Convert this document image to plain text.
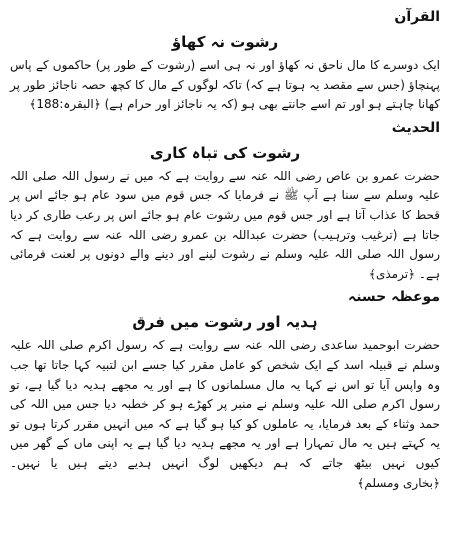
القرآن

رشوت نہ کھاؤ

ایک دوسرے کا مال ناحق نہ کھاؤ اور نہ ہی اسے (رشوت کے طور پر) حاکموں کے پاس پہنچاؤ (جس سے مقصد یہ ہوتا ہے کہ) تاکہ لوگوں کے مال کا کچھ حصہ ناجائز طور پر کھانا چاہتے ہو اور تم اسے جانتے بھی ہو (کہ یہ ناجائز اور حرام ہے) ﴿البقرہ:188﴾

الحدیث

رشوت کی تباہ کاری

حضرت عمرو بن عاص رضی اللہ عنہ سے روایت ہے کہ میں نے رسول اللہ صلی اللہ علیہ وسلم سے سنا ہے آپ ﷺ نے فرمایا کہ جس قوم میں سود عام ہو جائے اس پر قحط کا عذاب آتا ہے اور جس قوم میں رشوت عام ہو جائے اس پر رعب طاری کر دیا جاتا ہے (ترغیب وترہیب) حضرت عبداللہ بن عمرو رضی اللہ عنہ سے روایت ہے کہ رسول اللہ صلی اللہ علیہ وسلم نے رشوت لینے اور دینے والے دونوں پر لعنت فرمائی ہے۔ ﴿ترمذی﴾

موعظہ حسنہ

ہدیہ اور رشوت میں فرق

حضرت ابوحمید ساعدی رضی اللہ عنہ سے روایت ہے کہ رسول اکرم صلی اللہ علیہ وسلم نے قبیلہ اسد کے ایک شخص کو عامل مقرر کیا جسے ابن لتبیہ کہا جاتا تھا جب وہ واپس آیا تو اس نے کہا یہ مال مسلمانوں کا ہے اور یہ مجھے ہدیہ دیا گیا ہے، تو رسول اکرم صلی اللہ علیہ وسلم نے منبر پر کھڑے ہو کر خطبہ دیا جس میں اللہ کی حمد وثناء کے بعد فرمایا، یہ عاملوں کو کیا ہو گیا ہے کہ میں انہیں مقرر کرتا ہوں تو یہ کہتے ہیں یہ مال تمہارا ہے اور یہ مجھے ہدیہ دیا گیا ہے یہ اپنی ماں کے گھر میں کیوں نہیں بیٹھ جاتے کہ ہم دیکھیں لوگ انہیں ہدیے دیتے ہیں یا نہیں۔ ﴿بخاری ومسلم﴾
